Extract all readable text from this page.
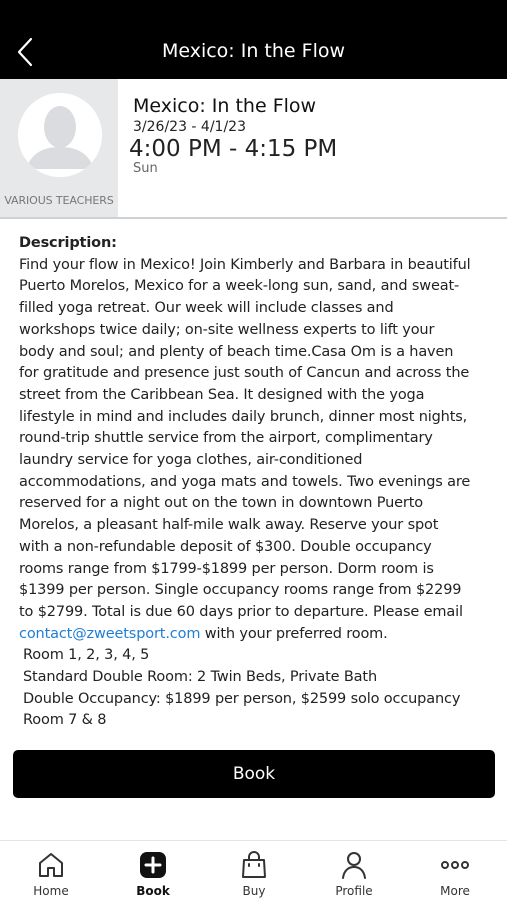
Mexico: In the Flow
VARIOUS TEACHERS
Mexico: In the Flow
3/26/23 - 4/1/23
4:00 PM - 4:15 PM
Sun
Description:
Find your flow in Mexico! Join Kimberly and Barbara in beautiful
Puerto Morelos, Mexico for a week-long sun, sand, and sweat-
filled yoga retreat. Our week will include classes and
workshops twice daily; on-site wellness experts to lift your
body and soul; and plenty of beach time.Casa Om is a haven
for gratitude and presence just south of Cancun and across the
street from the Caribbean Sea. It designed with the yoga
lifestyle in mind and includes daily brunch, dinner most nights,
round-trip shuttle service from the airport, complimentary
laundry service for yoga clothes, air-conditioned
accommodations, and yoga mats and towels. Two evenings are
reserved for a night out on the town in downtown Puerto
Morelos, a pleasant half-mile walk away. Reserve your spot
with a non-refundable deposit of $300. Double occupancy
rooms range from $1799-$1899 per person. Dorm room is
$1399 per person. Single occupancy rooms range from $2299
to $2799. Total is due 60 days prior to departure. Please email
contact@zweetsport.com with your preferred room.
Room 1, 2, 3, 4, 5
Standard Double Room: 2 Twin Beds, Private Bath
Double Occupancy: $1899 per person, $2599 solo occupancy
Room 7 & 8
Book
Home	Book	Buy	Profile	More
